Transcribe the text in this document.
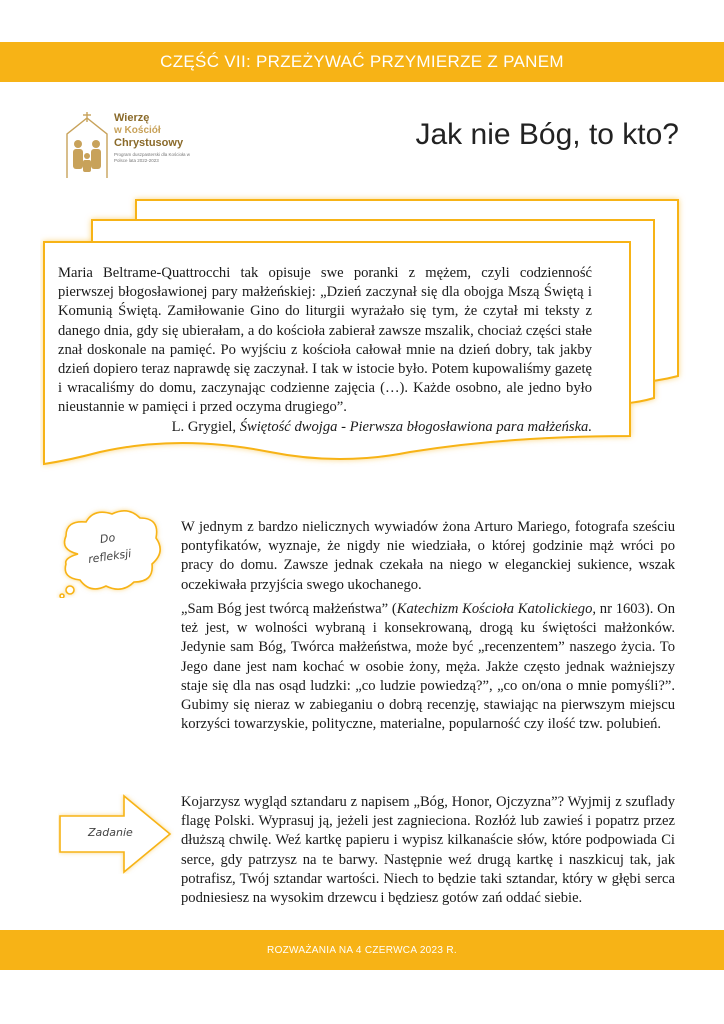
CZĘŚĆ VII: PRZEŻYWAĆ PRZYMIERZE Z PANEM
Wierzę
w Kościół
Chrystusowy
Program duszpasterski dla Kościoła w Polsce lata 2022-2023
Jak nie Bóg, to kto?
Maria Beltrame-Quattrocchi tak opisuje swe poranki z mężem, czyli codzienność pierwszej błogosławionej pary małżeńskiej: „Dzień zaczynał się dla obojga Mszą Świętą i Komunią Świętą. Zamiłowanie Gino do liturgii wyrażało się tym, że czytał mi teksty z danego dnia, gdy się ubierałam, a do kościoła zabierał zawsze mszalik, chociaż części stałe znał doskonale na pamięć. Po wyjściu z kościoła całował mnie na dzień dobry, tak jakby dzień dopiero teraz naprawdę się zaczynał. I tak w istocie było. Potem kupowaliśmy gazetę i wracaliśmy do domu, zaczynając codzienne zajęcia (…). Każde osobno, ale jedno było nieustannie w pamięci i przed oczyma drugiego”.
L. Grygiel, Świętość dwojga - Pierwsza błogosławiona para małżeńska.
Do
refleksji
W jednym z bardzo nielicznych wywiadów żona Arturo Mariego, fotografa sześciu pontyfikatów, wyznaje, że nigdy nie wiedziała, o której godzinie mąż wróci po pracy do domu. Zawsze jednak czekała na niego w eleganckiej sukience, wszak oczekiwała przyjścia swego ukochanego.
„Sam Bóg jest twórcą małżeństwa” (Katechizm Kościoła Katolickiego, nr 1603). On też jest, w wolności wybraną i konsekrowaną, drogą ku świętości małżonków. Jedynie sam Bóg, Twórca małżeństwa, może być „recenzentem” naszego życia. To Jego dane jest nam kochać w osobie żony, męża. Jakże często jednak ważniejszy staje się dla nas osąd ludzki: „co ludzie powiedzą?”, „co on/ona o mnie pomyśli?”. Gubimy się nieraz w zabieganiu o dobrą recenzję, stawiając na pierwszym miejscu korzyści towarzyskie, polityczne, materialne, popularność czy ilość tzw. polubień.
Zadanie
Kojarzysz wygląd sztandaru z napisem „Bóg, Honor, Ojczyzna”? Wyjmij z szuflady flagę Polski. Wyprasuj ją, jeżeli jest zagnieciona. Rozłóż lub zawieś i popatrz przez dłuższą chwilę. Weź kartkę papieru i wypisz kilkanaście słów, które podpowiada Ci serce, gdy patrzysz na te barwy. Następnie weź drugą kartkę i naszkicuj tak, jak potrafisz, Twój sztandar wartości. Niech to będzie taki sztandar, który w głębi serca podniesiesz na wysokim drzewcu i będziesz gotów zań oddać siebie.
ROZWAŻANIA NA 4 CZERWCA 2023 R.
